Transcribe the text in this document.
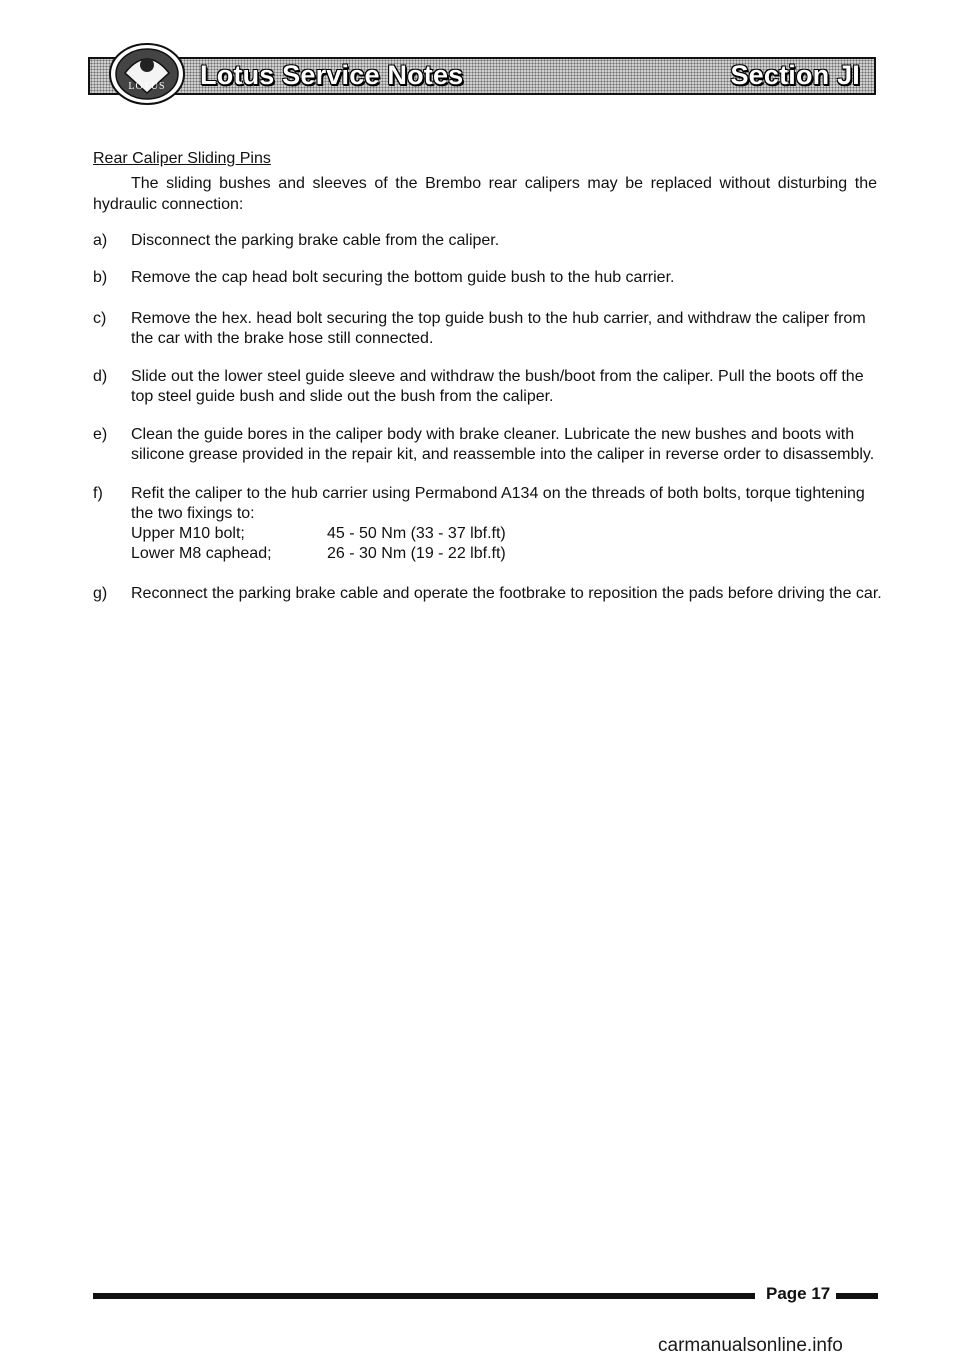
LOTUS Lotus Service Notes	Section JI
Rear Caliper Sliding Pins
The sliding bushes and sleeves of the Brembo rear calipers may be replaced without disturbing the hydraulic connection:
a)	Disconnect the parking brake cable from the caliper.
b)	Remove the cap head bolt securing the bottom guide bush to the hub carrier.
c)	Remove the hex. head bolt securing the top guide bush to the hub carrier, and withdraw the caliper from the car with the brake hose still connected.
d)	Slide out the lower steel guide sleeve and withdraw the bush/boot from the caliper. Pull the boots off the top steel guide bush and slide out the bush from the caliper.
e)	Clean the guide bores in the caliper body with brake cleaner. Lubricate the new bushes and boots with silicone grease provided in the repair kit, and reassemble into the caliper in reverse order to disassembly.
f)	Refit the caliper to the hub carrier using Permabond A134 on the threads of both bolts, torque tightening the two fixings to:
Upper M10 bolt;	45 - 50 Nm (33 - 37 lbf.ft)
Lower M8 caphead;	26 - 30 Nm (19 - 22 lbf.ft)
g)	Reconnect the parking brake cable and operate the footbrake to reposition the pads before driving the car.
Page 17
carmanualsonline.info
